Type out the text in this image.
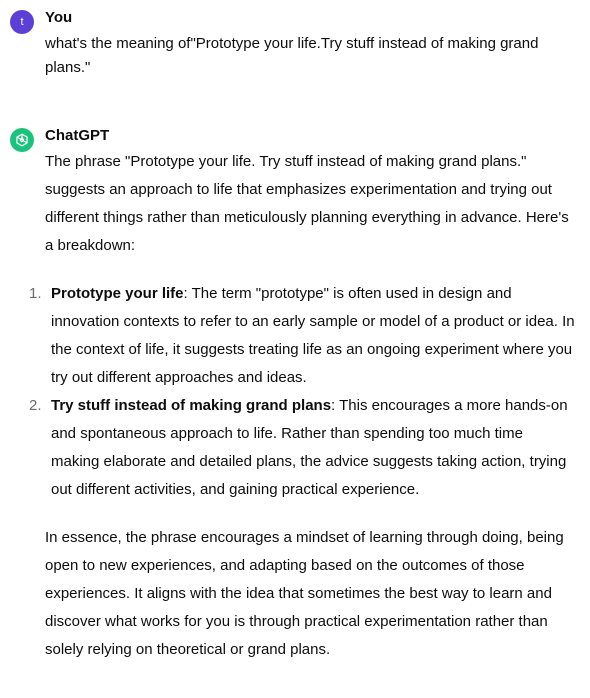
t You

what's the meaning of"Prototype your life.Try stuff instead of making grand plans."

ChatGPT

The phrase "Prototype your life. Try stuff instead of making grand plans." suggests an approach to life that emphasizes experimentation and trying out different things rather than meticulously planning everything in advance. Here's a breakdown:

1. Prototype your life: The term "prototype" is often used in design and innovation contexts to refer to an early sample or model of a product or idea. In the context of life, it suggests treating life as an ongoing experiment where you try out different approaches and ideas.
2. Try stuff instead of making grand plans: This encourages a more hands-on and spontaneous approach to life. Rather than spending too much time making elaborate and detailed plans, the advice suggests taking action, trying out different activities, and gaining practical experience.

In essence, the phrase encourages a mindset of learning through doing, being open to new experiences, and adapting based on the outcomes of those experiences. It aligns with the idea that sometimes the best way to learn and discover what works for you is through practical experimentation rather than solely relying on theoretical or grand plans.
